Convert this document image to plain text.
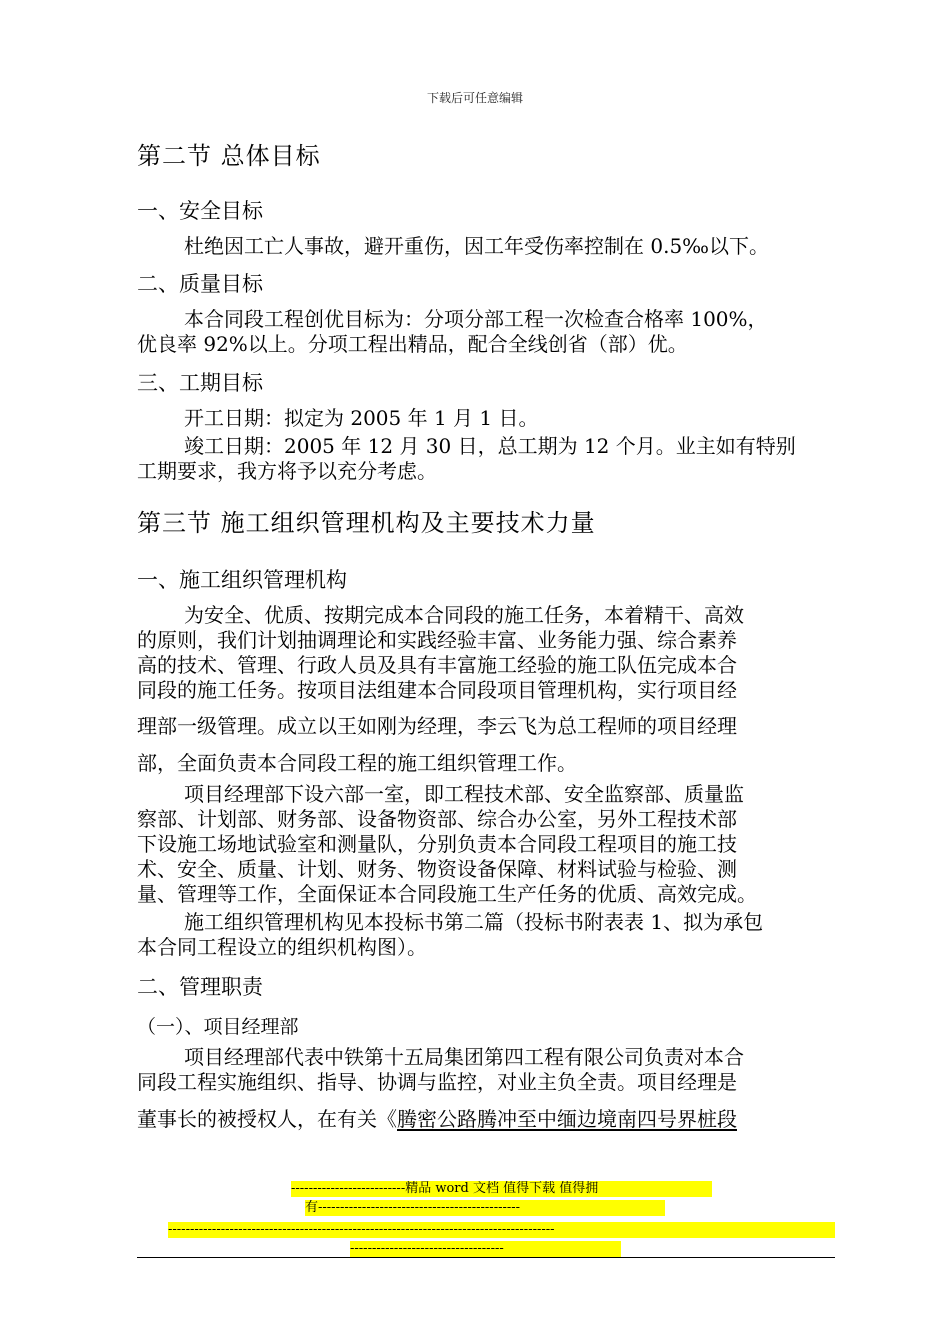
下载后可任意编辑
第二节 总体目标
一、安全目标
杜绝因工亡人事故，避开重伤，因工年受伤率控制在 0.5‰以下。
二、质量目标
本合同段工程创优目标为：分项分部工程一次检查合格率 100%，
优良率 92%以上。分项工程出精品，配合全线创省（部）优。
三、工期目标
开工日期：拟定为 2005 年 1 月 1 日。
竣工日期：2005 年 12 月 30 日，总工期为 12 个月。业主如有特别
工期要求，我方将予以充分考虑。
第三节 施工组织管理机构及主要技术力量
一、施工组织管理机构
为安全、优质、按期完成本合同段的施工任务，本着精干、高效
的原则，我们计划抽调理论和实践经验丰富、业务能力强、综合素养
高的技术、管理、行政人员及具有丰富施工经验的施工队伍完成本合
同段的施工任务。按项目法组建本合同段项目管理机构，实行项目经
理部一级管理。成立以王如刚为经理，李云飞为总工程师的项目经理
部，全面负责本合同段工程的施工组织管理工作。
项目经理部下设六部一室，即工程技术部、安全监察部、质量监
察部、计划部、财务部、设备物资部、综合办公室，另外工程技术部
下设施工场地试验室和测量队，分别负责本合同段工程项目的施工技
术、安全、质量、计划、财务、物资设备保障、材料试验与检验、测
量、管理等工作，全面保证本合同段施工生产任务的优质、高效完成。
施工组织管理机构见本投标书第二篇（投标书附表表 1、拟为承包
本合同工程设立的组织机构图）。
二、管理职责
（一）、项目经理部
项目经理部代表中铁第十五局集团第四工程有限公司负责对本合
同段工程实施组织、指导、协调与监控，对业主负全责。项目经理是
董事长的被授权人，在有关《腾密公路腾冲至中缅边境南四号界桩段
--------------------------精品 word 文档 值得下载 值得拥
有----------------------------------------------
----------------------------------------------------------------------------------------
-----------------------------------
